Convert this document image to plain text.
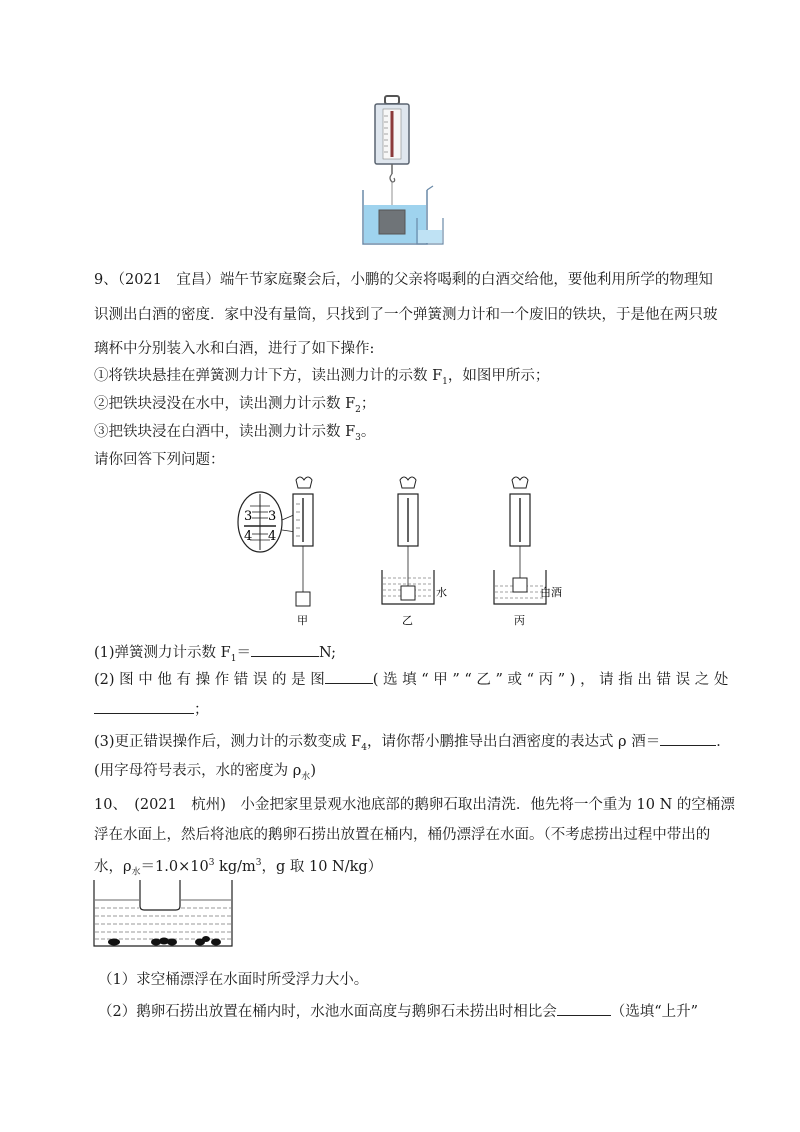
9、（2021　宜昌）端午节家庭聚会后，小鹏的父亲将喝剩的白酒交给他，要他利用所学的物理知
识测出白酒的密度．家中没有量筒，只找到了一个弹簧测力计和一个废旧的铁块，于是他在两只玻
璃杯中分别装入水和白酒，进行了如下操作:
①将铁块悬挂在弹簧测力计下方，读出测力计的示数 $F_1$，如图甲所示；
②把铁块浸没在水中，读出测力计示数 $F_2$；
③把铁块浸在白酒中，读出测力计示数 $F_3$。
请你回答下列问题：
3 3
4 4
水	白酒
甲	乙	丙
(1)弹簧测力计示数 $F_1=$	N;
(2) 图 中 他 有 操 作 错 误 的 是 图	( 选 填 “ 甲 ” “ 乙 ” 或 “ 丙 ” ) ， 请 指 出 错 误 之 处
；
(3)更正错误操作后，测力计的示数变成 $F_4$，请你帮小鹏推导出白酒密度的表达式 ρ 酒＝	．
(用字母符号表示，水的密度为 $\rho_水$)
10、　(2021　杭州)　小金把家里景观水池底部的鹅卵石取出清洗．他先将一个重为 10 N 的空桶漂
浮在水面上，然后将池底的鹅卵石捞出放置在桶内，桶仍漂浮在水面。（不考虑捞出过程中带出的
水，$\rho_水=1.0\times 10^3$ $kg/m^3$，g 取 10 N/kg）
（1）求空桶漂浮在水面时所受浮力大小。
（2）鹅卵石捞出放置在桶内时，水池水面高度与鹅卵石未捞出时相比会	（选填“上升”
